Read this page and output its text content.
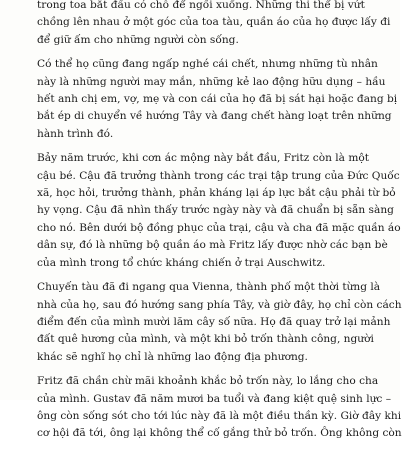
trong toa bắt đầu có chỗ để ngồi xuống. Những thi thể bị vứt
chồng lên nhau ở một góc của toa tàu, quần áo của họ được lấy đi
để giữ ấm cho những người còn sống.

Có thể họ cũng đang ngấp nghé cái chết, nhưng những tù nhân
này là những người may mắn, những kẻ lao động hữu dụng – hầu
hết anh chị em, vợ, mẹ và con cái của họ đã bị sát hại hoặc đang bị
bắt ép di chuyển về hướng Tây và đang chết hàng loạt trên những
hành trình đó.

Bảy năm trước, khi cơn ác mộng này bắt đầu, Fritz còn là một
cậu bé. Cậu đã trưởng thành trong các trại tập trung của Đức Quốc
xã, học hỏi, trưởng thành, phản kháng lại áp lực bắt cậu phải từ bỏ
hy vọng. Cậu đã nhìn thấy trước ngày này và đã chuẩn bị sẵn sàng
cho nó. Bên dưới bộ đồng phục của trại, cậu và cha đã mặc quần áo
dân sự, đó là những bộ quần áo mà Fritz lấy được nhờ các bạn bè
của mình trong tổ chức kháng chiến ở trại Auschwitz.

Chuyến tàu đã đi ngang qua Vienna, thành phố một thời từng là
nhà của họ, sau đó hướng sang phía Tây, và giờ đây, họ chỉ còn cách
điểm đến của mình mười lăm cây số nữa. Họ đã quay trở lại mảnh
đất quê hương của mình, và một khi bỏ trốn thành công, người
khác sẽ nghĩ họ chỉ là những lao động địa phương.

Fritz đã chần chừ mãi khoảnh khắc bỏ trốn này, lo lắng cho cha
của mình. Gustav đã năm mươi ba tuổi và đang kiệt quệ sinh lực –
ông còn sống sót cho tới lúc này đã là một điều thần kỳ. Giờ đây khi
cơ hội đã tới, ông lại không thể cố gắng thử bỏ trốn. Ông không còn
